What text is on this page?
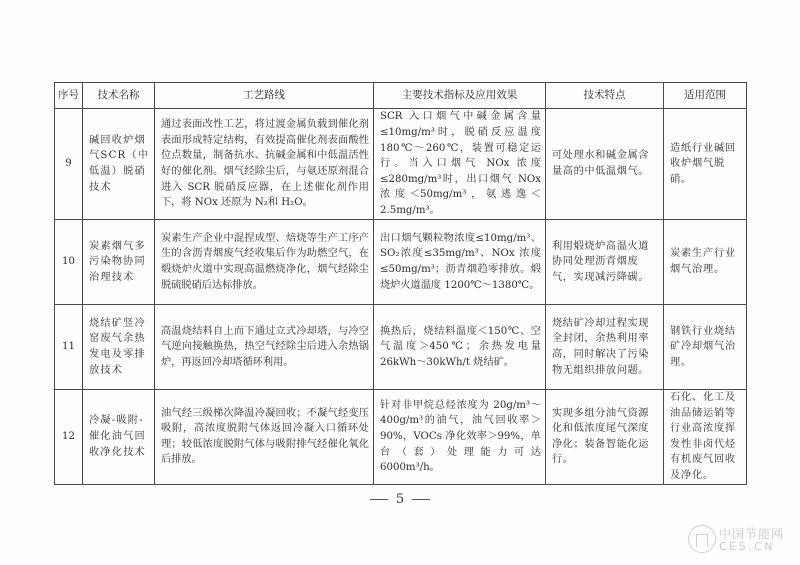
序号	技术名称	工艺路线	主要技术指标及应用效果	技术特点	适用范围
9	碱回收炉烟气SCR（中低温）脱硝技术	通过表面改性工艺，将过渡金属负载到催化剂表面形成特定结构，有效提高催化剂表面酸性位点数量，制备抗水、抗碱金属和中低温活性好的催化剂。烟气经除尘后，与氨还原剂混合进入 SCR 脱硝反应器，在上述催化剂作用下，将 NOx 还原为 N₂和 H₂O。	SCR 入口烟气中碱金属含量≤10mg/m³时，脱硝反应温度 180℃～260℃，装置可稳定运行。当入口烟气 NOx 浓度≤280mg/m³时，出口烟气 NOx 浓度＜50mg/m³，氨逃逸＜2.5mg/m³。	可处理水和碱金属含量高的中低温烟气。	造纸行业碱回收炉烟气脱硝。
10	炭素烟气多污染物协同治理技术	炭素生产企业中混捏成型、焙烧等生产工序产生的含沥青烟废气经收集后作为助燃空气，在煅烧炉火道中实现高温燃烧净化，烟气经除尘脱硫脱硝后达标排放。	出口烟气颗粒物浓度≤10mg/m³、SO₂浓度≤35mg/m³、NOx 浓度≤50mg/m³；沥青烟趋零排放。煅烧炉火道温度 1200℃～1380℃。	利用煅烧炉高温火道协同处理沥青烟废气，实现减污降碳。	炭素生产行业烟气治理。
11	烧结矿竖冷窑废气余热发电及零排放技术	高温烧结料自上而下通过立式冷却塔，与冷空气逆向接触换热，热空气经除尘后进入余热锅炉，再返回冷却塔循环利用。	换热后，烧结料温度＜150℃、空气温度＞450℃；余热发电量 26kWh～30kWh/t 烧结矿。	烧结矿冷却过程实现全封闭，余热利用率高，同时解决了污染物无组织排放问题。	钢铁行业烧结矿冷却烟气治理。
12	冷凝-吸附-催化油气回收净化技术	油气经三级梯次降温冷凝回收；不凝气经变压吸附，高浓度脱附气体返回冷凝入口循环处理；较低浓度脱附气体与吸附排气经催化氧化后排放。	针对非甲烷总烃浓度为 20g/m³～400g/m³的油气，油气回收率＞90%，VOCs 净化效率＞99%，单台（套）处理能力可达 6000m³/h。	实现多组分油气资源化和低浓度尾气深度净化；装备智能化运行。	石化、化工及油品储运销等行业高浓度挥发性非卤代烃有机废气回收及净化。
5
中国节能网
CES.CN
